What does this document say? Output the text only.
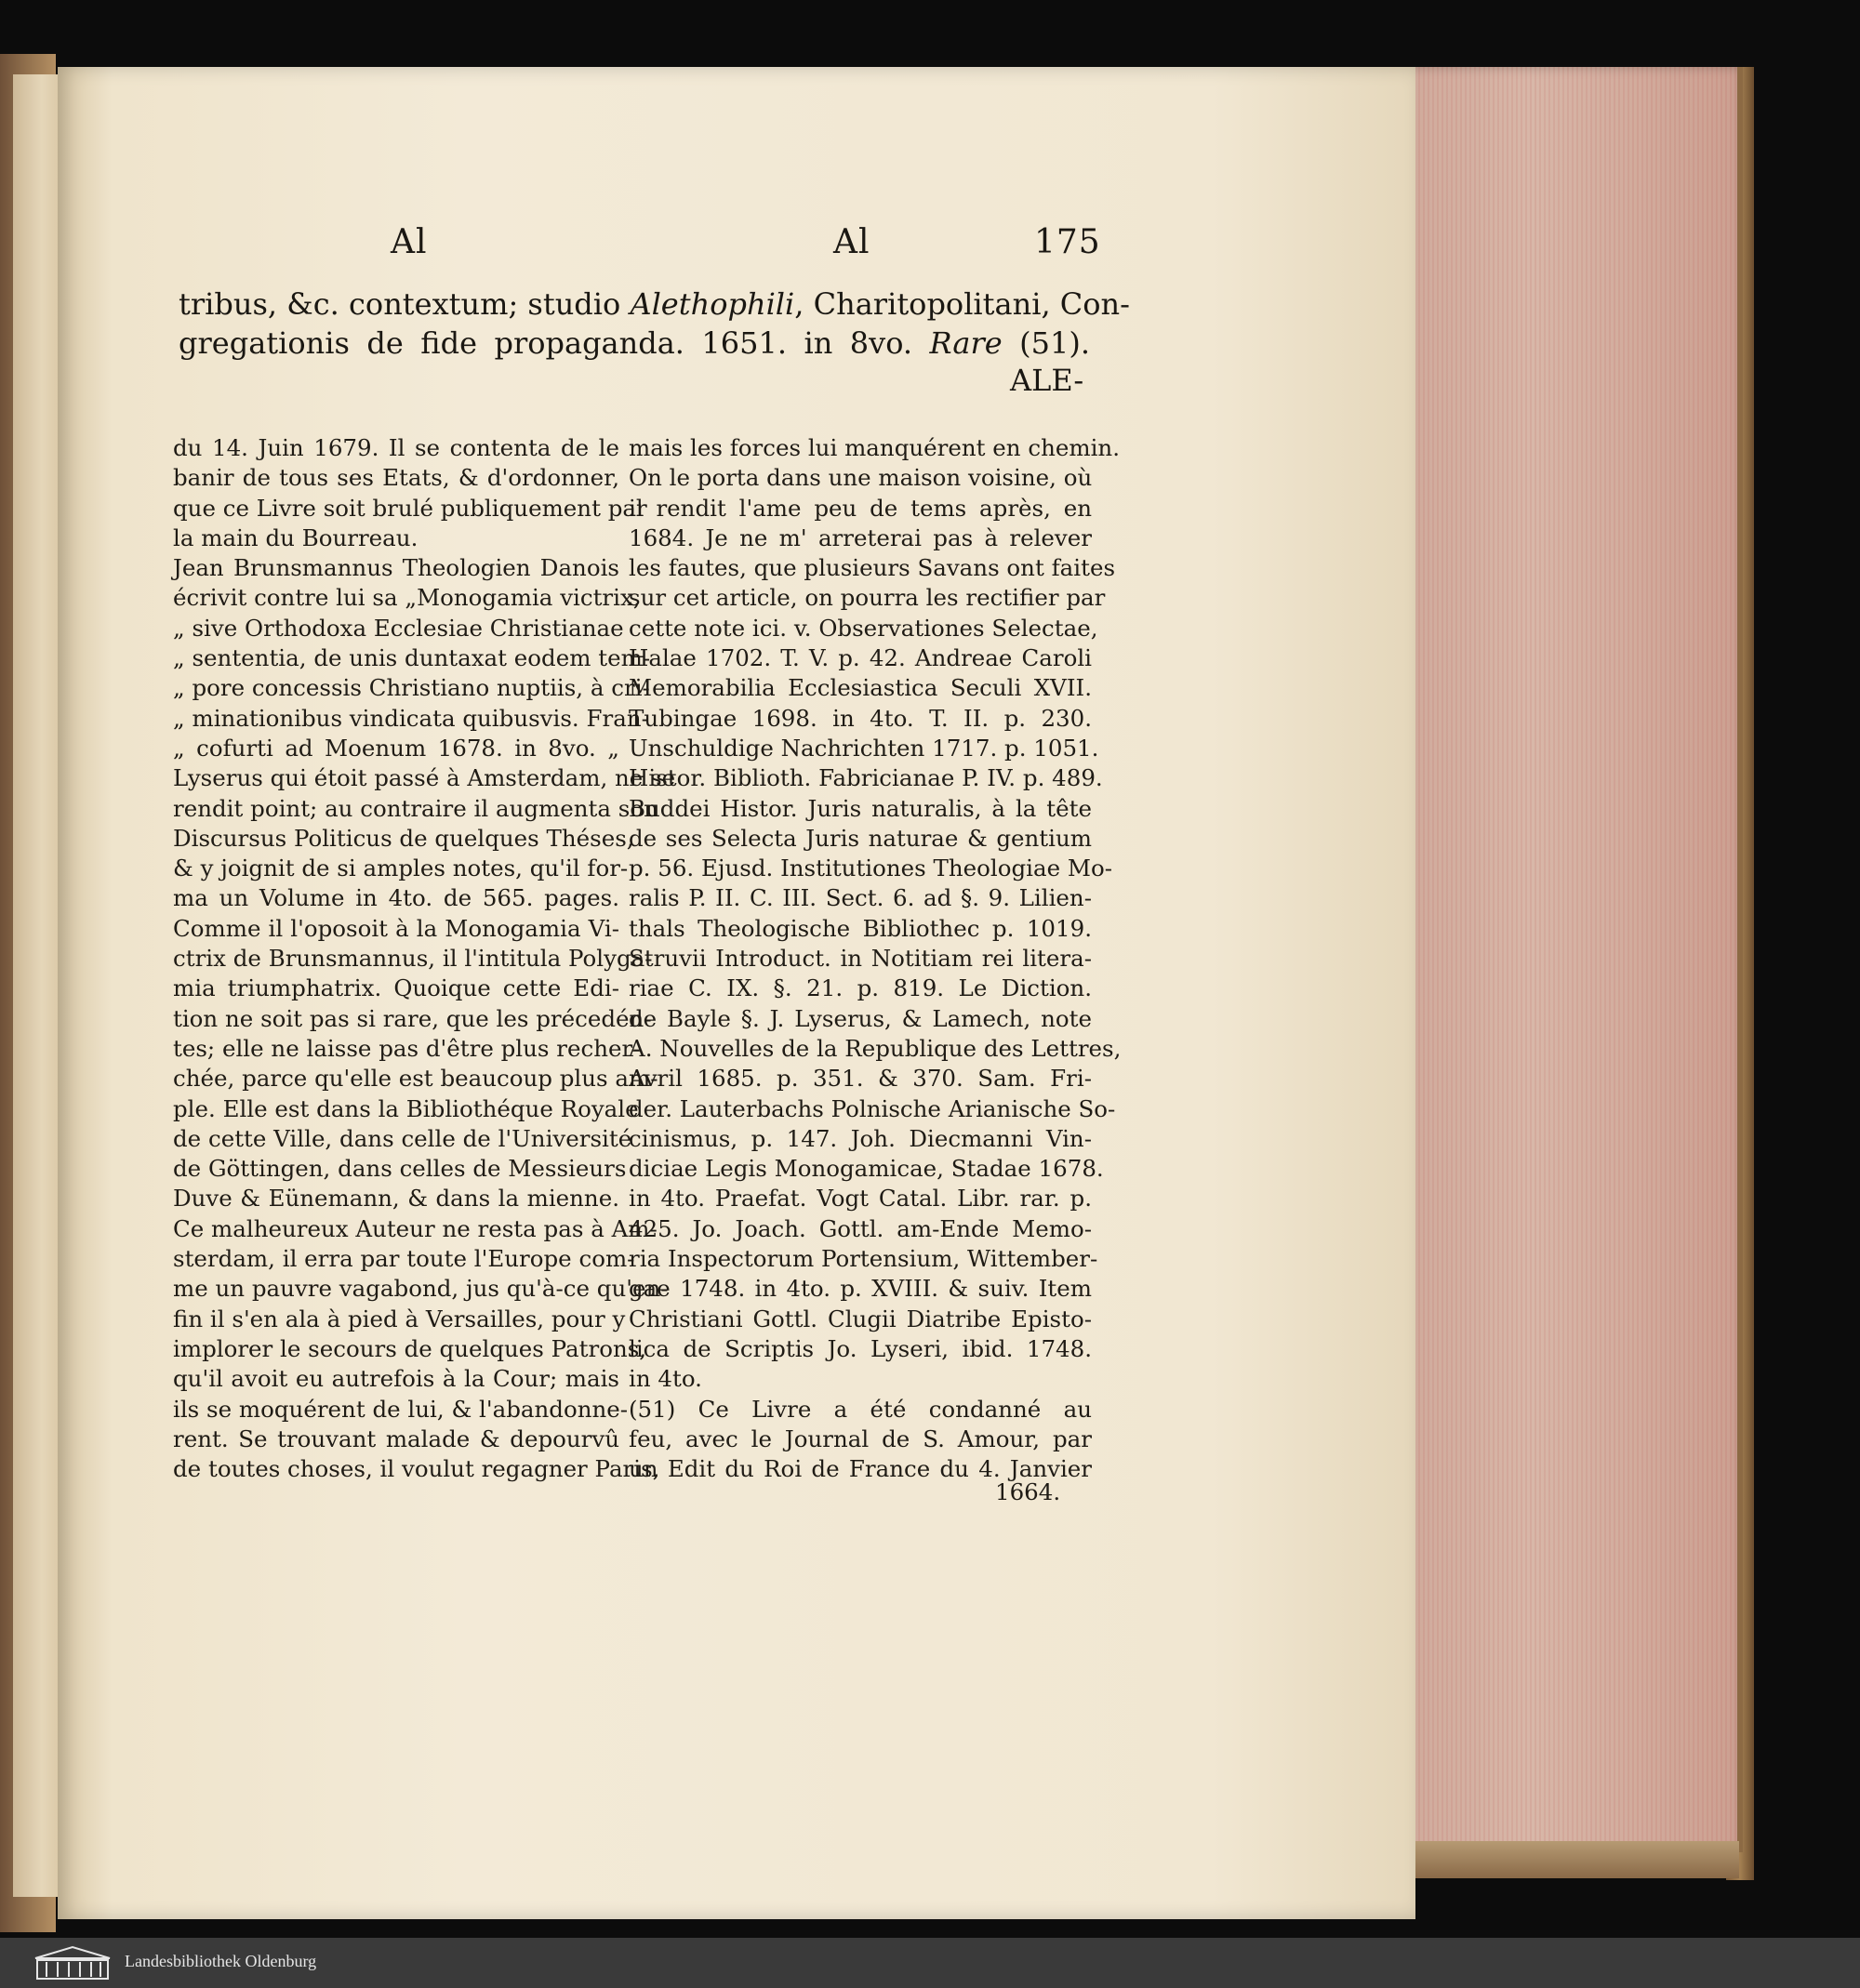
Al	Al	175
tribus, &c. contextum; studio Alethophili, Charitopolitani, Con-
gregationis de fide propaganda. 1651. in 8vo. Rare (51).
ALE-
du 14. Juin 1679. Il se contenta de le
banir de tous ses Etats, & d'ordonner,
que ce Livre soit brulé publiquement par
la main du Bourreau.
Jean Brunsmannus Theologien Danois
écrivit contre lui sa „Monogamia victrix,
„ sive Orthodoxa Ecclesiae Christianae
„ sententia, de unis duntaxat eodem tem-
„ pore concessis Christiano nuptiis, à cri-
„ minationibus vindicata quibusvis. Fran-
„ cofurti ad Moenum 1678. in 8vo. „
Lyserus qui étoit passé à Amsterdam, ne se
rendit point; au contraire il augmenta son
Discursus Politicus de quelques Théses,
& y joignit de si amples notes, qu'il for-
ma un Volume in 4to. de 565. pages.
Comme il l'oposoit à la Monogamia Vi-
ctrix de Brunsmannus, il l'intitula Polyga-
mia triumphatrix. Quoique cette Edi-
tion ne soit pas si rare, que les précedén-
tes; elle ne laisse pas d'être plus recher-
chée, parce qu'elle est beaucoup plus am-
ple. Elle est dans la Bibliothéque Royale
de cette Ville, dans celle de l'Université
de Göttingen, dans celles de Messieurs
Duve & Eünemann, & dans la mienne.
Ce malheureux Auteur ne resta pas à Am-
sterdam, il erra par toute l'Europe com-
me un pauvre vagabond, jus qu'à-ce qu'en-
fin il s'en ala à pied à Versailles, pour y
implorer le secours de quelques Patrons,
qu'il avoit eu autrefois à la Cour; mais
ils se moquérent de lui, & l'abandonne-
rent. Se trouvant malade & depourvû
de toutes choses, il voulut regagner Paris,
mais les forces lui manquérent en chemin.
On le porta dans une maison voisine, où
il rendit l'ame peu de tems après, en
1684. Je ne m' arreterai pas à relever
les fautes, que plusieurs Savans ont faites
sur cet article, on pourra les rectifier par
cette note ici. v. Observationes Selectae,
Halae 1702. T. V. p. 42. Andreae Caroli
Memorabilia Ecclesiastica Seculi XVII.
Tubingae 1698. in 4to. T. II. p. 230.
Unschuldige Nachrichten 1717. p. 1051.
Histor. Biblioth. Fabricianae P. IV. p. 489.
Buddei Histor. Juris naturalis, à la tête
de ses Selecta Juris naturae & gentium
p. 56. Ejusd. Institutiones Theologiae Mo-
ralis P. II. C. III. Sect. 6. ad §. 9. Lilien-
thals Theologische Bibliothec p. 1019.
Struvii Introduct. in Notitiam rei litera-
riae C. IX. §. 21. p. 819. Le Diction.
de Bayle §. J. Lyserus, & Lamech, note
A. Nouvelles de la Republique des Lettres,
Avril 1685. p. 351. & 370. Sam. Fri-
der. Lauterbachs Polnische Arianische So-
cinismus, p. 147. Joh. Diecmanni Vin-
diciae Legis Monogamicae, Stadae 1678.
in 4to. Praefat. Vogt Catal. Libr. rar. p.
425. Jo. Joach. Gottl. am-Ende Memo-
ria Inspectorum Portensium, Wittember-
gae 1748. in 4to. p. XVIII. & suiv. Item
Christiani Gottl. Clugii Diatribe Episto-
lica de Scriptis Jo. Lyseri, ibid. 1748.
in 4to.
(51) Ce Livre a été condanné au
feu, avec le Journal de S. Amour, par
un Edit du Roi de France du 4. Janvier
1664.
Landesbibliothek Oldenburg
